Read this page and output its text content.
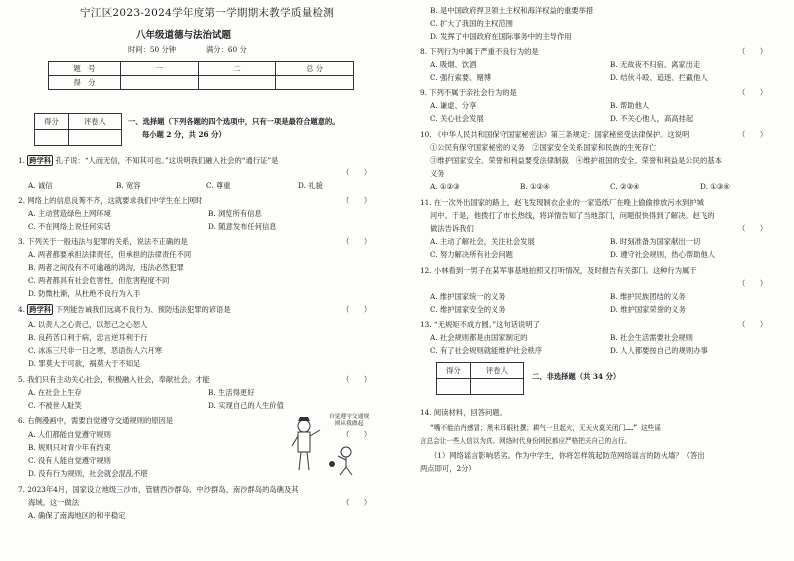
宁江区2023-2024学年度第一学期期末教学质量检测
八年级道德与法治试题
时间：50 分钟	满分：60 分
题　号	一	二	总 分
得　分			
得分	评卷人
		一、选择题（下列各题的四个选项中，只有一项是最符合题意的。
每小题 2 分，共 26 分）
1. 跨学科 孔子说：“人而无信，不知其可也。”这说明我们融入社会的“通行证”是
（　　）
A. 诚信	B. 宽容	C. 尊重	D. 礼貌
2. 网络上的信息良莠不齐，这就要求我们中学生在上网时	（　　）
A. 主动营造绿色上网环境	B. 浏览所有信息
C. 不在网络上说任何实话	D. 随意发布任何信息
3. 下列关于一般违法与犯罪的关系，说法不正确的是	（　　）
A. 两者都要承担法律责任，但承担的法律责任不同
B. 两者之间没有不可逾越的鸿沟，违法必然犯罪
C. 两者都具有社会危害性，但危害程度不同
D. 防微杜渐，从杜绝不良行为入手
4. 跨学科 下列能告诫我们远离不良行为、预防违法犯罪的谚语是	（　　）
A. 以责人之心责己，以恕己之心恕人
B. 良药苦口利于病，忠言逆耳利于行
C. 冰冻三尺非一日之寒，恶语伤人六月寒
D. 罪莫大于可欲，祸莫大于不知足
5. 我们只有主动关心社会，积极融入社会，奉献社会，才能	（　　）
A. 在社会上生存	B. 生活得更好
C. 不被世人耻笑	D. 实现自己的人生价值
6. 右侧漫画中，需要自觉遵守交通规则的原因是
（　　）
A. 人们都能自觉遵守规则
B. 规则只对青少年有约束
C. 没有人能自觉遵守规则
D. 没有行为规则，社会就会混乱不堪
自觉遵守交通规则从我做起
7. 2023年4月，国家设立地级三沙市，管辖西沙群岛、中沙群岛、南沙群岛的岛礁及其
海域。这一做法	（　　）
A. 确保了南海地区的和平稳定
B. 是中国政府捍卫领土主权和海洋权益的重要举措
C. 扩大了我国的主权范围
D. 发挥了中国政府在国际事务中的主导作用
8. 下列行为中属于严重不良行为的是	（　　）
A. 吸烟、饮酒	B. 无故夜不归宿、离家出走
C. 强行索要、赌博	D. 结伙斗殴、追逐、拦截他人
9. 下列不属于亲社会行为的是	（　　）
A. 谦虚、分享	B. 帮助他人
C. 关心社会发展	D. 不关心他人，高高挂起
10. 《中华人民共和国保守国家秘密法》第三条规定：国家秘密受法律保护。这说明	（　　）
①公民有保守国家秘密的义务　②国家安全关系国家和民族的生死存亡
③维护国家安全、荣誉和利益要受法律制裁　④维护祖国的安全、荣誉和利益是公民的基本
义务
A. ①②③	B. ①②④	C. ②③④	D. ①③④
11. 在一次外出国家的路上，赵飞发现制衣企业的一家造纸厂在晚上偷偷排放污水到护城
河中。于是，他拨打了市长热线，将详情告知了当地部门，问题很快得到了解决。赵飞的
做法告诉我们	（　　）
A. 主动了解社会，关注社会发展	B. 时刻准备为国家献出一切
C. 努力解决所有社会问题	D. 遵守社会规则，热心帮助他人
12. 小林看到一男子在某军事基地拍照又打听情况，及时报告有关部门。这种行为属于
（　　）
A. 维护国家统一的义务	B. 维护民族团结的义务
C. 维护国家安全的义务	D. 维护国家荣誉的义务
13. “无规矩不成方圆。”这句话说明了	（　　）
A. 社会规则都是由国家制定的	B. 社会生活需要社会规则
C. 有了社会规则就能维护社会秩序	D. 人人都要按自己的规则办事
得分	评卷人

二、非选择题（共 34 分）
14. 阅读材料，回答问题。
“嘴不能治肖感冒；黑未耳眼杜撰；耕气一旦起火，无天火莫关闭门……” 这些谣
言总会让一些人信以为真。网络时代身份网民都应严格把关自己的言行。
（1）网络谣言影响恶劣。作为中学生，你将怎样筑起防范网络谣言的防火墙？（答出
两点即可，2分）
